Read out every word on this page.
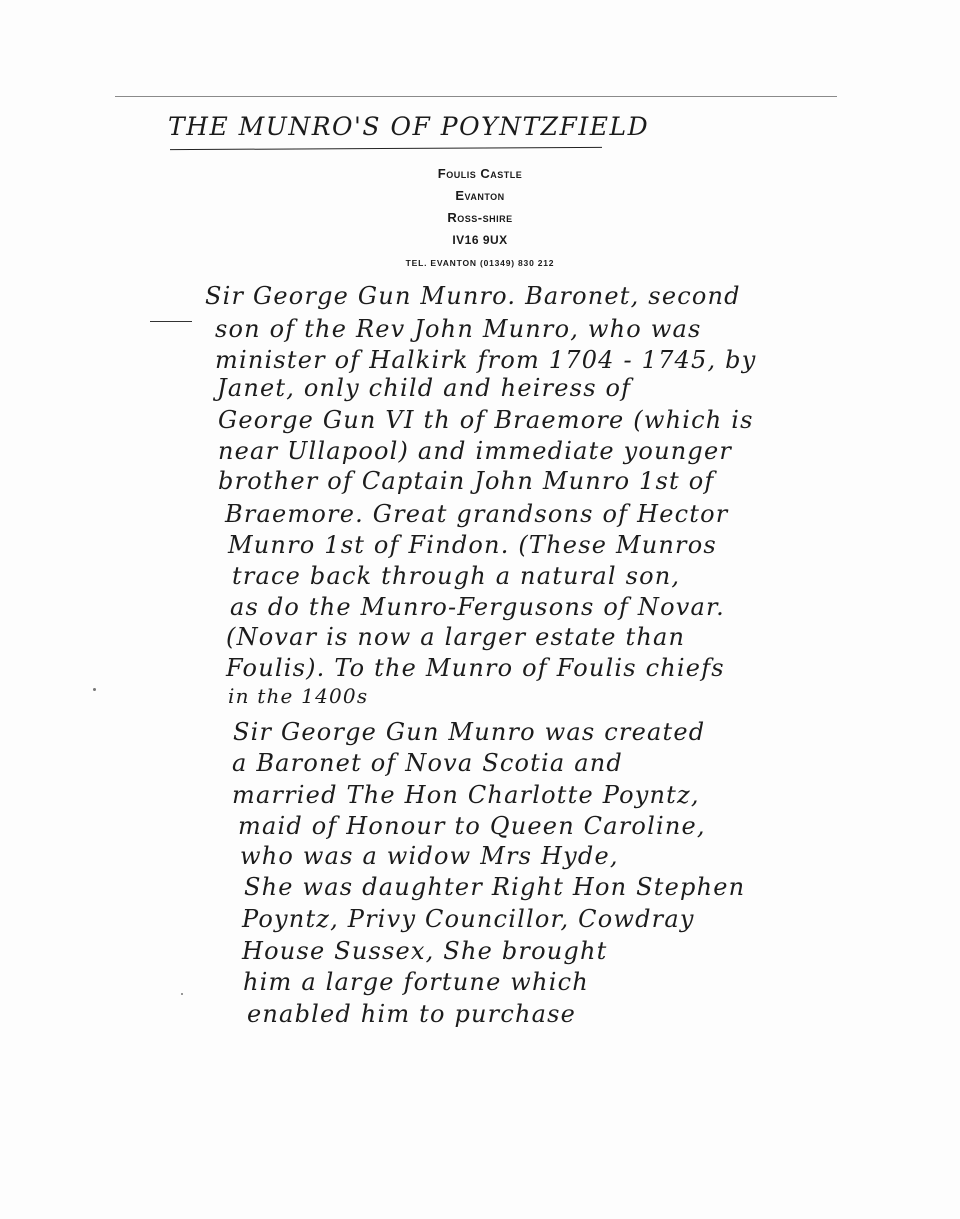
THE MUNRO'S OF POYNTZFIELD
Foulis Castle
Evanton
Ross-shire
IV16 9UX
TEL. EVANTON (01349) 830 212
Sir George Gun Munro. Baronet, second
son of the Rev John Munro, who was
minister of Halkirk from 1704 - 1745, by
Janet, only child and heiress of
George Gun VI th of Braemore (which is
near Ullapool) and immediate younger
brother of Captain John Munro 1st of
Braemore. Great grandsons of Hector
Munro 1st of Findon. (These Munros
trace back through a natural son,
as do the Munro-Fergusons of Novar.
(Novar is now a larger estate than
Foulis). To the Munro of Foulis chiefs
in the 1400s
Sir George Gun Munro was created
a Baronet of Nova Scotia and
married The Hon Charlotte Poyntz,
maid of Honour to Queen Caroline,
who was a widow Mrs Hyde,
She was daughter Right Hon Stephen
Poyntz, Privy Councillor, Cowdray
House Sussex, She brought
him a large fortune which
enabled him to purchase
